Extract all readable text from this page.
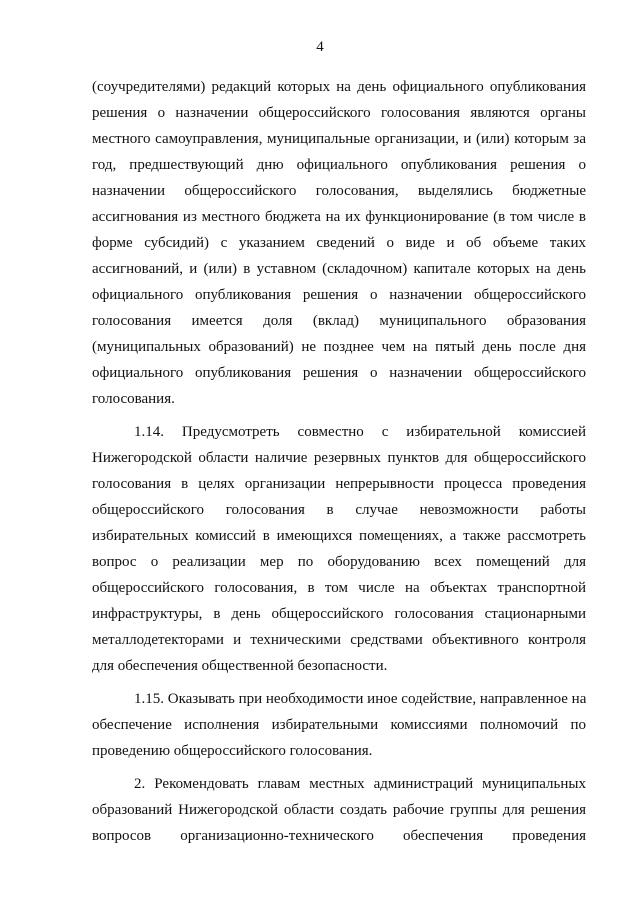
4
(соучредителями) редакций которых на день официального опубликования
решения о назначении общероссийского голосования являются органы
местного самоуправления, муниципальные организации, и (или) которым за
год, предшествующий дню официального опубликования решения о
назначении общероссийского голосования, выделялись бюджетные
ассигнования из местного бюджета на их функционирование (в том числе в
форме субсидий) с указанием сведений о виде и об объеме таких
ассигнований, и (или) в уставном (складочном) капитале которых на день
официального опубликования решения о назначении общероссийского
голосования имеется доля (вклад) муниципального образования
(муниципальных образований) не позднее чем на пятый день после дня
официального опубликования решения о назначении общероссийского
голосования.
1.14. Предусмотреть совместно с избирательной комиссией
Нижегородской области наличие резервных пунктов для общероссийского
голосования в целях организации непрерывности процесса проведения
общероссийского голосования в случае невозможности работы
избирательных комиссий в имеющихся помещениях, а также рассмотреть
вопрос о реализации мер по оборудованию всех помещений для
общероссийского голосования, в том числе на объектах транспортной
инфраструктуры, в день общероссийского голосования стационарными
металлодетекторами и техническими средствами объективного контроля
для обеспечения общественной безопасности.
1.15. Оказывать при необходимости иное содействие, направленное на
обеспечение исполнения избирательными комиссиями полномочий по
проведению общероссийского голосования.
2. Рекомендовать главам местных администраций муниципальных
образований Нижегородской области создать рабочие группы для решения
вопросов организационно-технического обеспечения проведения
